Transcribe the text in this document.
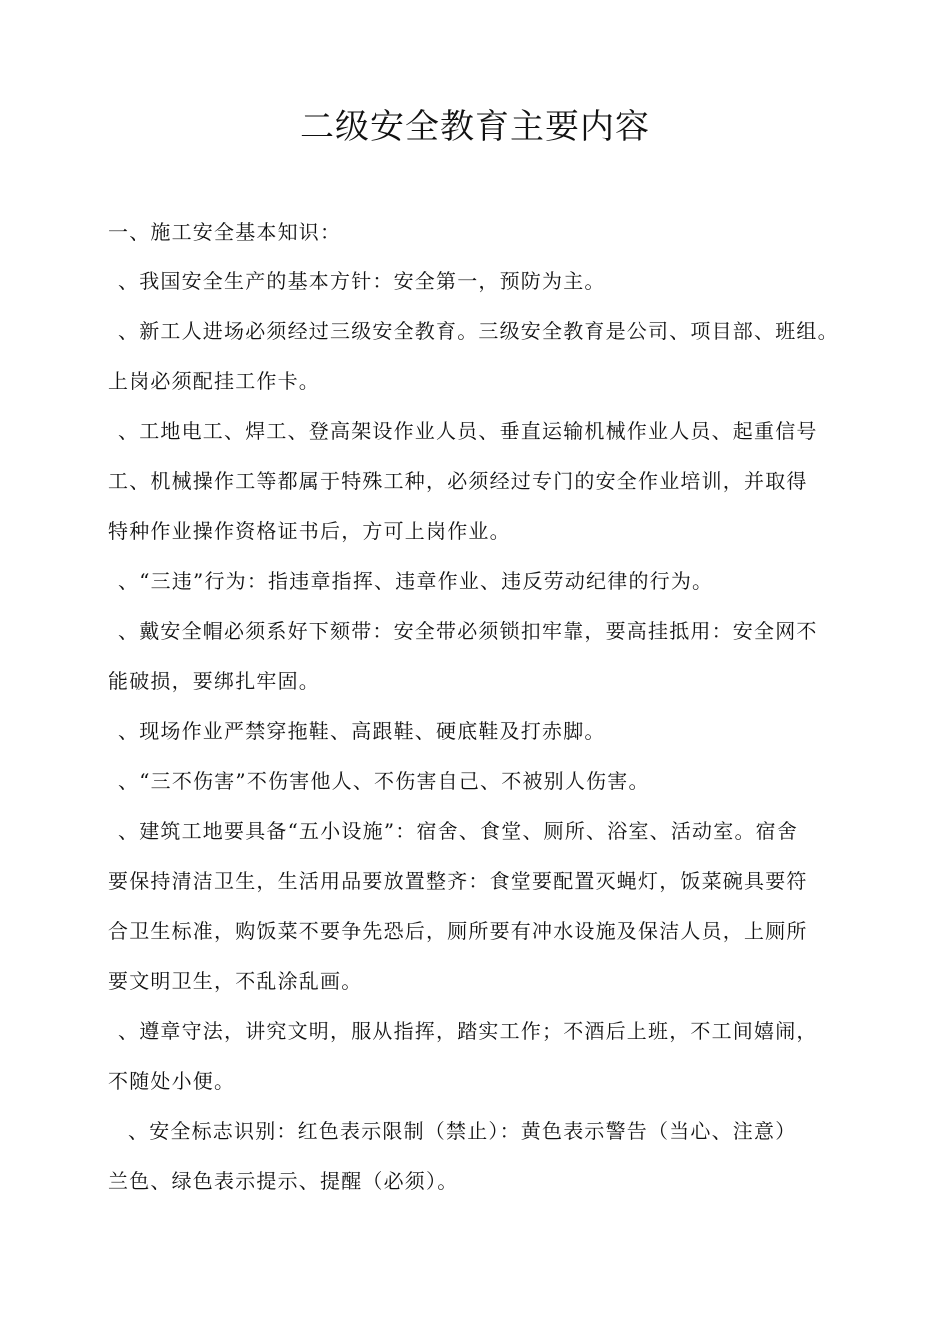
二级安全教育主要内容
一、施工安全基本知识：
、我国安全生产的基本方针：安全第一，预防为主。
、新工人进场必须经过三级安全教育。三级安全教育是公司、项目部、班组。
上岗必须配挂工作卡。
、工地电工、焊工、登高架设作业人员、垂直运输机械作业人员、起重信号
工、机械操作工等都属于特殊工种，必须经过专门的安全作业培训，并取得
特种作业操作资格证书后，方可上岗作业。
、“三违”行为：指违章指挥、违章作业、违反劳动纪律的行为。
、戴安全帽必须系好下颏带：安全带必须锁扣牢靠，要高挂抵用：安全网不
能破损，要绑扎牢固。
、现场作业严禁穿拖鞋、高跟鞋、硬底鞋及打赤脚。
、“三不伤害”不伤害他人、不伤害自己、不被别人伤害。
、建筑工地要具备“五小设施”：宿舍、食堂、厕所、浴室、活动室。宿舍
要保持清洁卫生，生活用品要放置整齐：食堂要配置灭蝇灯，饭菜碗具要符
合卫生标准，购饭菜不要争先恐后，厕所要有冲水设施及保洁人员，上厕所
要文明卫生，不乱涂乱画。
、遵章守法，讲究文明，服从指挥，踏实工作；不酒后上班，不工间嬉闹，
不随处小便。
、安全标志识别：红色表示限制（禁止）：黄色表示警告（当心、注意）
兰色、绿色表示提示、提醒（必须）。
